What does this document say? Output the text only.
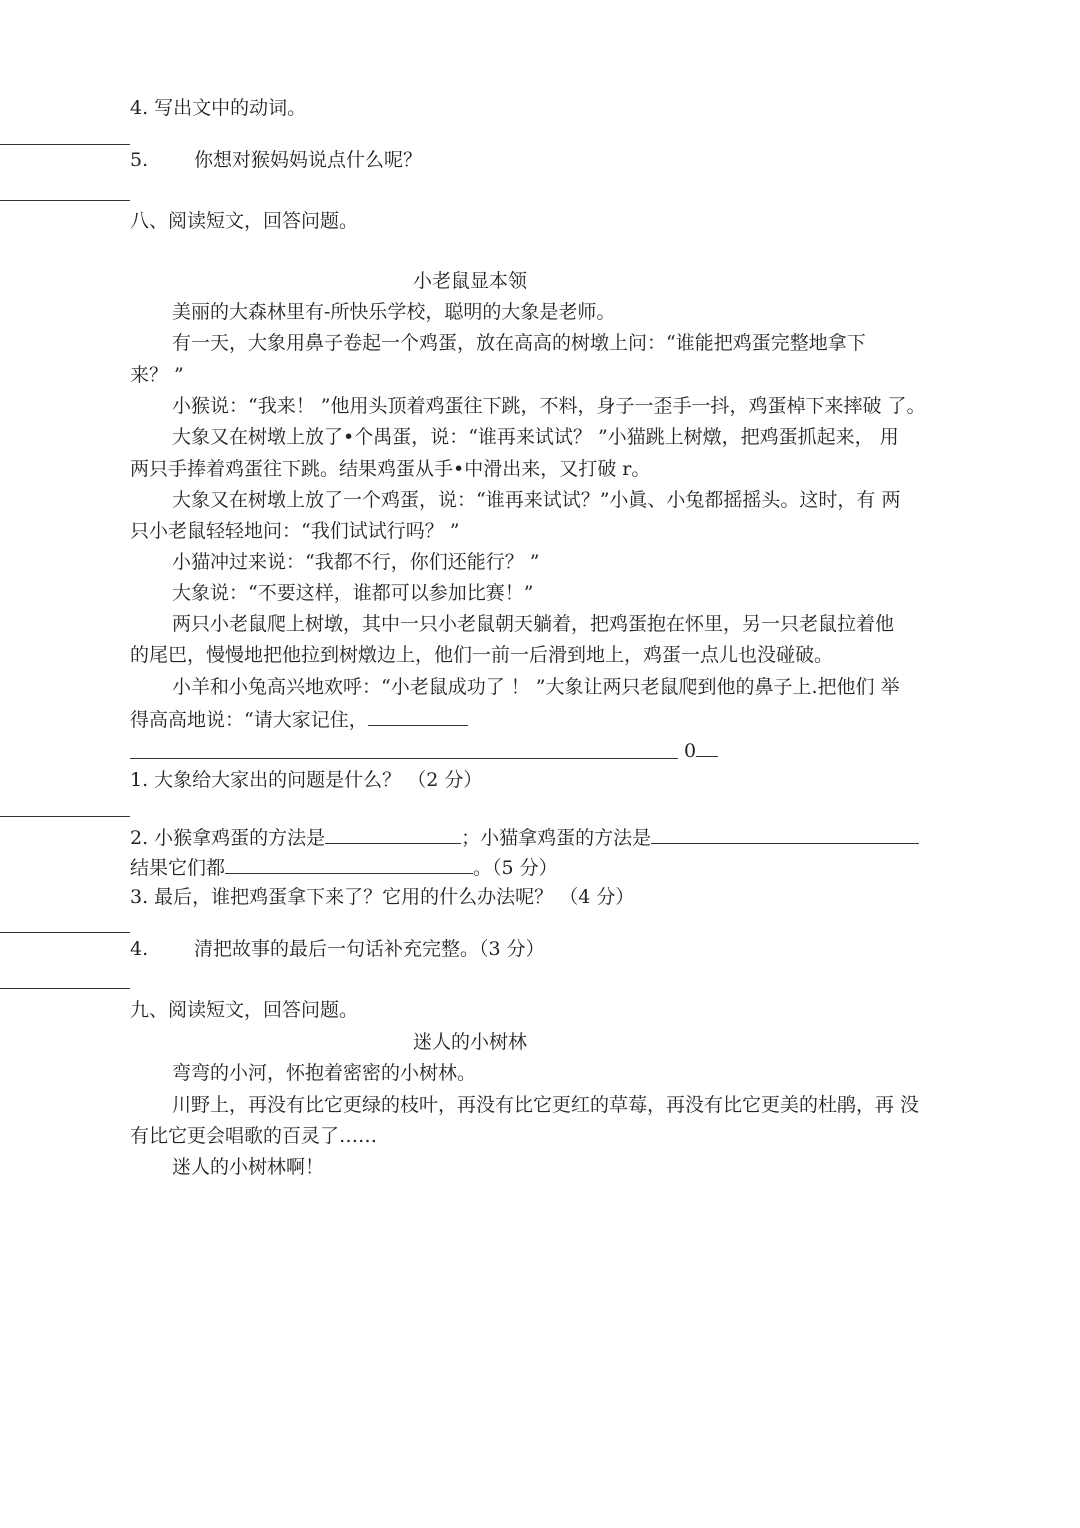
4. 写出文中的动词。
5. 你想对猴妈妈说点什么呢？
八、阅读短文，回答问题。
小老鼠显本领
美丽的大森林里有-所快乐学校，聪明的大象是老师。
有一天，大象用鼻子卷起一个鸡蛋，放在高高的树墩上问：“谁能把鸡蛋完整地拿下
来？ ”
小猴说：“我来！ ”他用头顶着鸡蛋往下跳，不料，身子一歪手一抖，鸡蛋棹下来摔破 了。
大象又在树墩上放了•个禺蛋，说：“谁再来试试？ ”小猫跳上树燉，把鸡蛋抓起来， 用
两只手捧着鸡蛋往下跳。结果鸡蛋从手•中滑出来，又打破 r。
大象又在树墩上放了一个鸡蛋，说：“谁再来试试？”小眞、小兔都摇摇头。这时，有 两
只小老鼠轻轻地问：“我们试试行吗？ ”
小猫冲过来说：“我都不行，你们还能行？ ”
大象说：“不要这样，谁都可以参加比赛！”
两只小老鼠爬上树墩，其中一只小老鼠朝天躺着，把鸡蛋抱在怀里，另一只老鼠拉着他
的尾巴，慢慢地把他拉到树燉边上，他们一前一后滑到地上，鸡蛋一点儿也没碰破。
小羊和小兔高兴地欢呼：“小老鼠成功了 ！ ”大象让两只老鼠爬到他的鼻子上.把他们 举
得高高地说：“请大家记住，
0
1. 大象给大家出的问题是什么？ （2 分）
2. 小猴拿鸡蛋的方法是	；小猫拿鸡蛋的方法是
结果它们都	。（5 分）
3. 最后，谁把鸡蛋拿下来了？它用的什么办法呢？ （4 分）
4. 清把故事的最后一句话补充完整。（3 分）
九、阅读短文，回答问题。
迷人的小树林
弯弯的小河，怀抱着密密的小树林。
川野上，再没有比它更绿的枝叶，再没有比它更红的草莓，再没有比它更美的杜鹃，再 没
有比它更会唱歌的百灵了……
迷人的小树林啊！
